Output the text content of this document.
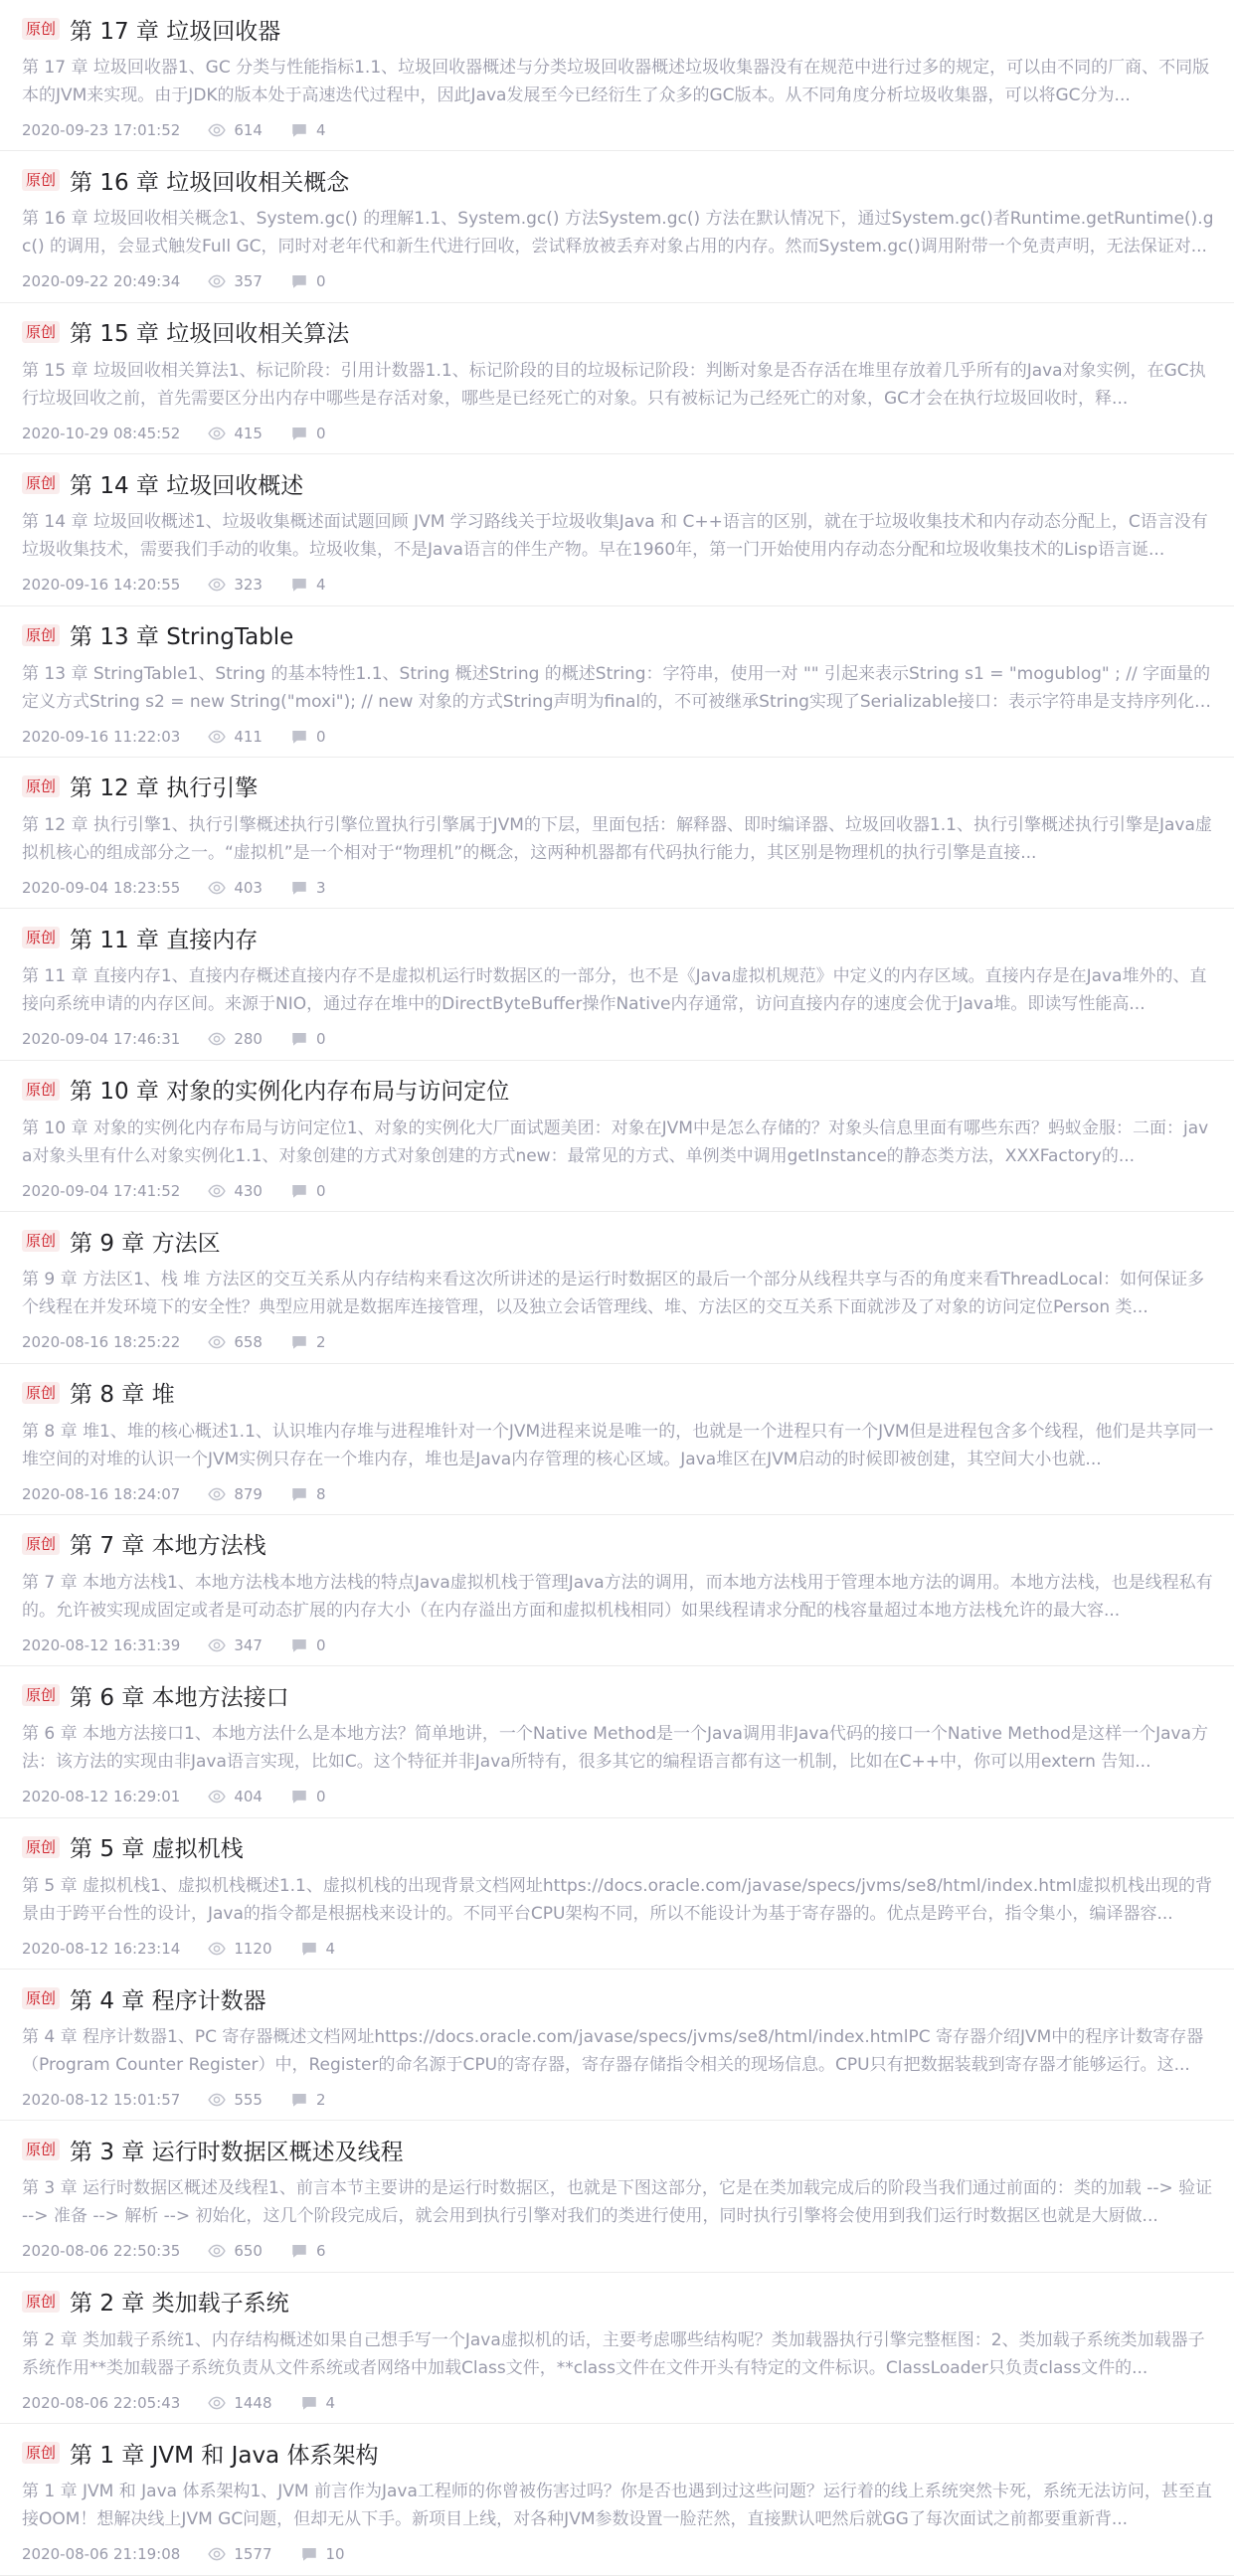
原创 第 17 章 垃圾回收器

第 17 章 垃圾回收器1、GC 分类与性能指标1.1、垃圾回收器概述与分类垃圾回收器概述垃圾收集器没有在规范中进行过多的规定，可以由不同的厂商、不同版本的JVM来实现。由于JDK的版本处于高速迭代过程中，因此Java发展至今已经衍生了众多的GC版本。从不同角度分析垃圾收集器，可以将GC分为...

2020-09-23 17:01:52	614	4
原创 第 16 章 垃圾回收相关概念

第 16 章 垃圾回收相关概念1、System.gc() 的理解1.1、System.gc() 方法System.gc() 方法在默认情况下，通过System.gc()者Runtime.getRuntime().gc() 的调用，会显式触发Full GC，同时对老年代和新生代进行回收，尝试释放被丢弃对象占用的内存。然而System.gc()调用附带一个免责声明，无法保证对...

2020-09-22 20:49:34	357	0
原创 第 15 章 垃圾回收相关算法

第 15 章 垃圾回收相关算法1、标记阶段：引用计数器1.1、标记阶段的目的垃圾标记阶段：判断对象是否存活在堆里存放着几乎所有的Java对象实例，在GC执行垃圾回收之前，首先需要区分出内存中哪些是存活对象，哪些是已经死亡的对象。只有被标记为己经死亡的对象，GC才会在执行垃圾回收时，释...

2020-10-29 08:45:52	415	0
原创 第 14 章 垃圾回收概述

第 14 章 垃圾回收概述1、垃圾收集概述面试题回顾 JVM 学习路线关于垃圾收集Java 和 C++语言的区别，就在于垃圾收集技术和内存动态分配上，C语言没有垃圾收集技术，需要我们手动的收集。垃圾收集，不是Java语言的伴生产物。早在1960年，第一门开始使用内存动态分配和垃圾收集技术的Lisp语言诞...

2020-09-16 14:20:55	323	4
原创 第 13 章 StringTable

第 13 章 StringTable1、String 的基本特性1.1、String 概述String 的概述String：字符串，使用一对 "" 引起来表示String s1 = "mogublog" ; // 字面量的定义方式String s2 = new String("moxi"); // new 对象的方式String声明为final的，不可被继承String实现了Serializable接口：表示字符串是支持序列化

2020-09-16 11:22:03	411	0
原创 第 12 章 执行引擎

第 12 章 执行引擎1、执行引擎概述执行引擎位置执行引擎属于JVM的下层，里面包括：解释器、即时编译器、垃圾回收器1.1、执行引擎概述执行引擎是Java虚拟机核心的组成部分之一。“虚拟机”是一个相对于“物理机”的概念，这两种机器都有代码执行能力，其区别是物理机的执行引擎是直接...

2020-09-04 18:23:55	403	3
原创 第 11 章 直接内存

第 11 章 直接内存1、直接内存概述直接内存不是虚拟机运行时数据区的一部分，也不是《Java虚拟机规范》中定义的内存区域。直接内存是在Java堆外的、直接向系统申请的内存区间。来源于NIO，通过存在堆中的DirectByteBuffer操作Native内存通常，访问直接内存的速度会优于Java堆。即读写性能高...

2020-09-04 17:46:31	280	0
原创 第 10 章 对象的实例化内存布局与访问定位

第 10 章 对象的实例化内存布局与访问定位1、对象的实例化大厂面试题美团：对象在JVM中是怎么存储的？对象头信息里面有哪些东西？蚂蚁金服：二面：java对象头里有什么对象实例化1.1、对象创建的方式对象创建的方式new：最常见的方式、单例类中调用getInstance的静态类方法，XXXFactory的...

2020-09-04 17:41:52	430	0
原创 第 9 章 方法区

第 9 章 方法区1、栈 堆 方法区的交互关系从内存结构来看这次所讲述的是运行时数据区的最后一个部分从线程共享与否的角度来看ThreadLocal：如何保证多个线程在并发环境下的安全性？典型应用就是数据库连接管理，以及独立会话管理线、堆、方法区的交互关系下面就涉及了对象的访问定位Person 类...

2020-08-16 18:25:22	658	2
原创 第 8 章 堆

第 8 章 堆1、堆的核心概述1.1、认识堆内存堆与进程堆针对一个JVM进程来说是唯一的，也就是一个进程只有一个JVM但是进程包含多个线程，他们是共享同一堆空间的对堆的认识一个JVM实例只存在一个堆内存，堆也是Java内存管理的核心区域。Java堆区在JVM启动的时候即被创建，其空间大小也就...

2020-08-16 18:24:07	879	8
原创 第 7 章 本地方法栈

第 7 章 本地方法栈1、本地方法栈本地方法栈的特点Java虚拟机栈于管理Java方法的调用，而本地方法栈用于管理本地方法的调用。本地方法栈，也是线程私有的。允许被实现成固定或者是可动态扩展的内存大小（在内存溢出方面和虚拟机栈相同）如果线程请求分配的栈容量超过本地方法栈允许的最大容...

2020-08-12 16:31:39	347	0
原创 第 6 章 本地方法接口

第 6 章 本地方法接口1、本地方法什么是本地方法？简单地讲，一个Native Method是一个Java调用非Java代码的接口一个Native Method是这样一个Java方法：该方法的实现由非Java语言实现，比如C。这个特征并非Java所特有，很多其它的编程语言都有这一机制，比如在C++中，你可以用extern 告知...

2020-08-12 16:29:01	404	0
原创 第 5 章 虚拟机栈

第 5 章 虚拟机栈1、虚拟机栈概述1.1、虚拟机栈的出现背景文档网址https://docs.oracle.com/javase/specs/jvms/se8/html/index.html虚拟机栈出现的背景由于跨平台性的设计，Java的指令都是根据栈来设计的。不同平台CPU架构不同，所以不能设计为基于寄存器的。优点是跨平台，指令集小，编译器容...

2020-08-12 16:23:14	1120	4
原创 第 4 章 程序计数器

第 4 章 程序计数器1、PC 寄存器概述文档网址https://docs.oracle.com/javase/specs/jvms/se8/html/index.htmlPC 寄存器介绍JVM中的程序计数寄存器（Program Counter Register）中，Register的命名源于CPU的寄存器，寄存器存储指令相关的现场信息。CPU只有把数据装载到寄存器才能够运行。这...

2020-08-12 15:01:57	555	2
原创 第 3 章 运行时数据区概述及线程

第 3 章 运行时数据区概述及线程1、前言本节主要讲的是运行时数据区，也就是下图这部分，它是在类加载完成后的阶段当我们通过前面的：类的加载 --> 验证 --> 准备 --> 解析 --> 初始化，这几个阶段完成后，就会用到执行引擎对我们的类进行使用，同时执行引擎将会使用到我们运行时数据区也就是大厨做...

2020-08-06 22:50:35	650	6
原创 第 2 章 类加载子系统

第 2 章 类加载子系统1、内存结构概述如果自己想手写一个Java虚拟机的话，主要考虑哪些结构呢？类加载器执行引擎完整框图：2、类加载子系统类加载器子系统作用**类加载器子系统负责从文件系统或者网络中加载Class文件，**class文件在文件开头有特定的文件标识。ClassLoader只负责class文件的...

2020-08-06 22:05:43	1448	4
原创 第 1 章 JVM 和 Java 体系架构

第 1 章 JVM 和 Java 体系架构1、JVM 前言作为Java工程师的你曾被伤害过吗？你是否也遇到过这些问题？运行着的线上系统突然卡死，系统无法访问，甚至直接OOM！想解决线上JVM GC问题，但却无从下手。新项目上线，对各种JVM参数设置一脸茫然，直接默认吧然后就GG了每次面试之前都要重新背...

2020-08-06 21:19:08	1577	10
